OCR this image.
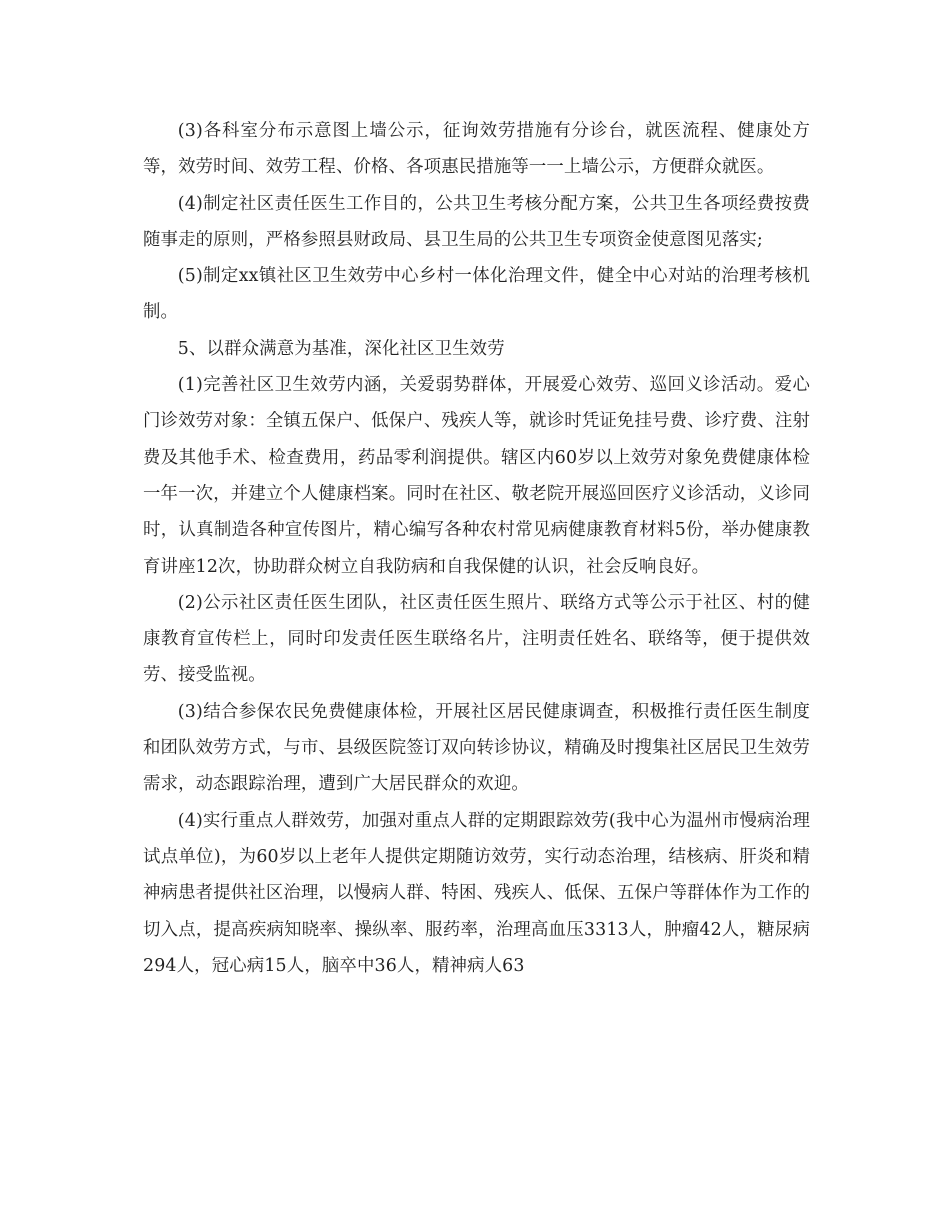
(3)各科室分布示意图上墙公示，征询效劳措施有分诊台，就医流程、健康处方等，效劳时间、效劳工程、价格、各项惠民措施等一一上墙公示，方便群众就医。

(4)制定社区责任医生工作目的，公共卫生考核分配方案，公共卫生各项经费按费随事走的原则，严格参照县财政局、县卫生局的公共卫生专项资金使意图见落实;

(5)制定xx镇社区卫生效劳中心乡村一体化治理文件，健全中心对站的治理考核机制。

5、以群众满意为基准，深化社区卫生效劳

(1)完善社区卫生效劳内涵，关爱弱势群体，开展爱心效劳、巡回义诊活动。爱心门诊效劳对象：全镇五保户、低保户、残疾人等，就诊时凭证免挂号费、诊疗费、注射费及其他手术、检查费用，药品零利润提供。辖区内60岁以上效劳对象免费健康体检一年一次，并建立个人健康档案。同时在社区、敬老院开展巡回医疗义诊活动，义诊同时，认真制造各种宣传图片，精心编写各种农村常见病健康教育材料5份，举办健康教育讲座12次，协助群众树立自我防病和自我保健的认识，社会反响良好。

(2)公示社区责任医生团队，社区责任医生照片、联络方式等公示于社区、村的健康教育宣传栏上，同时印发责任医生联络名片，注明责任姓名、联络等，便于提供效劳、接受监视。

(3)结合参保农民免费健康体检，开展社区居民健康调查，积极推行责任医生制度和团队效劳方式，与市、县级医院签订双向转诊协议，精确及时搜集社区居民卫生效劳需求，动态跟踪治理，遭到广大居民群众的欢迎。

(4)实行重点人群效劳，加强对重点人群的定期跟踪效劳(我中心为温州市慢病治理试点单位)，为60岁以上老年人提供定期随访效劳，实行动态治理，结核病、肝炎和精神病患者提供社区治理，以慢病人群、特困、残疾人、低保、五保户等群体作为工作的切入点，提高疾病知晓率、操纵率、服药率，治理高血压3313人，肿瘤42人，糖尿病294人，冠心病15人，脑卒中36人，精神病人63
